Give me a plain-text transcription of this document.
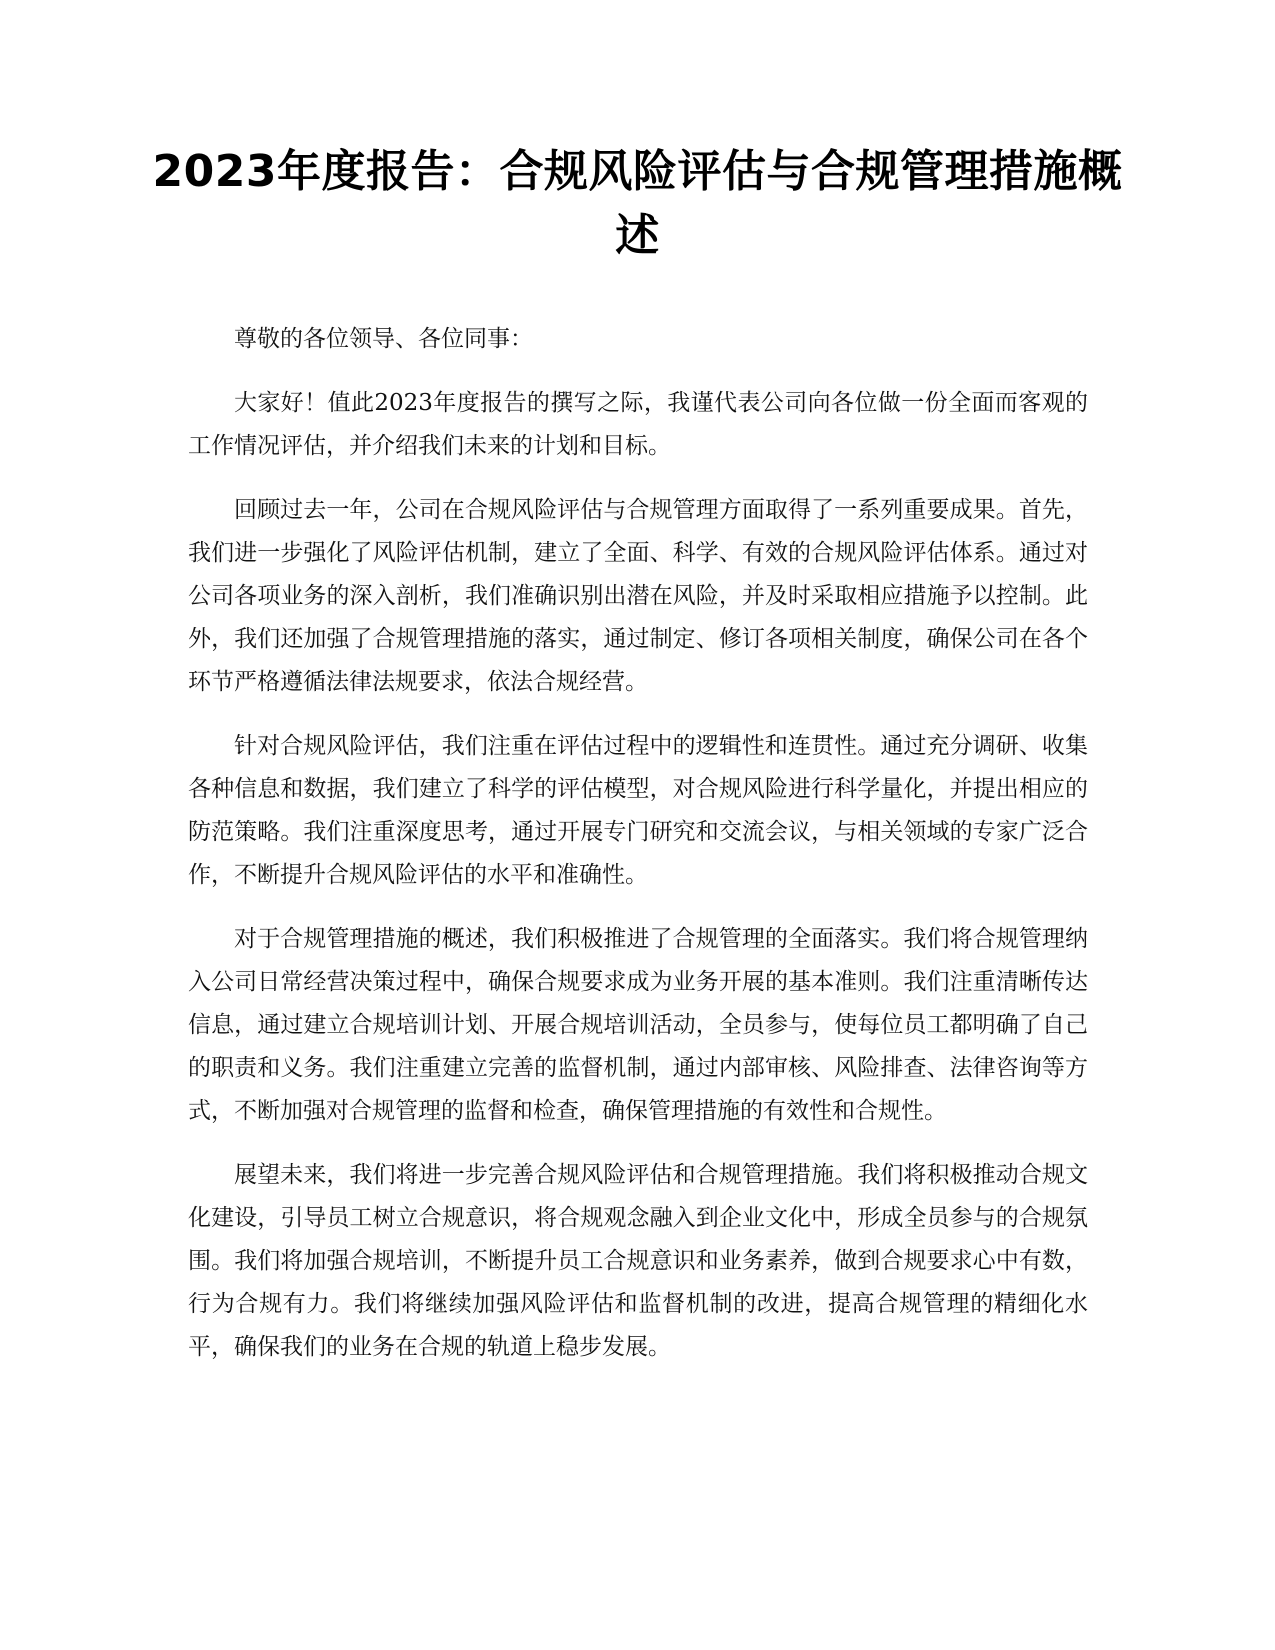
2023年度报告：合规风险评估与合规管理措施概述

尊敬的各位领导、各位同事：

大家好！值此2023年度报告的撰写之际，我谨代表公司向各位做一份全面而客观的工作情况评估，并介绍我们未来的计划和目标。

回顾过去一年，公司在合规风险评估与合规管理方面取得了一系列重要成果。首先，我们进一步强化了风险评估机制，建立了全面、科学、有效的合规风险评估体系。通过对公司各项业务的深入剖析，我们准确识别出潜在风险，并及时采取相应措施予以控制。此外，我们还加强了合规管理措施的落实，通过制定、修订各项相关制度，确保公司在各个环节严格遵循法律法规要求，依法合规经营。

针对合规风险评估，我们注重在评估过程中的逻辑性和连贯性。通过充分调研、收集各种信息和数据，我们建立了科学的评估模型，对合规风险进行科学量化，并提出相应的防范策略。我们注重深度思考，通过开展专门研究和交流会议，与相关领域的专家广泛合作，不断提升合规风险评估的水平和准确性。

对于合规管理措施的概述，我们积极推进了合规管理的全面落实。我们将合规管理纳入公司日常经营决策过程中，确保合规要求成为业务开展的基本准则。我们注重清晰传达信息，通过建立合规培训计划、开展合规培训活动，全员参与，使每位员工都明确了自己的职责和义务。我们注重建立完善的监督机制，通过内部审核、风险排查、法律咨询等方式，不断加强对合规管理的监督和检查，确保管理措施的有效性和合规性。

展望未来，我们将进一步完善合规风险评估和合规管理措施。我们将积极推动合规文化建设，引导员工树立合规意识，将合规观念融入到企业文化中，形成全员参与的合规氛围。我们将加强合规培训，不断提升员工合规意识和业务素养，做到合规要求心中有数，行为合规有力。我们将继续加强风险评估和监督机制的改进，提高合规管理的精细化水平，确保我们的业务在合规的轨道上稳步发展。
